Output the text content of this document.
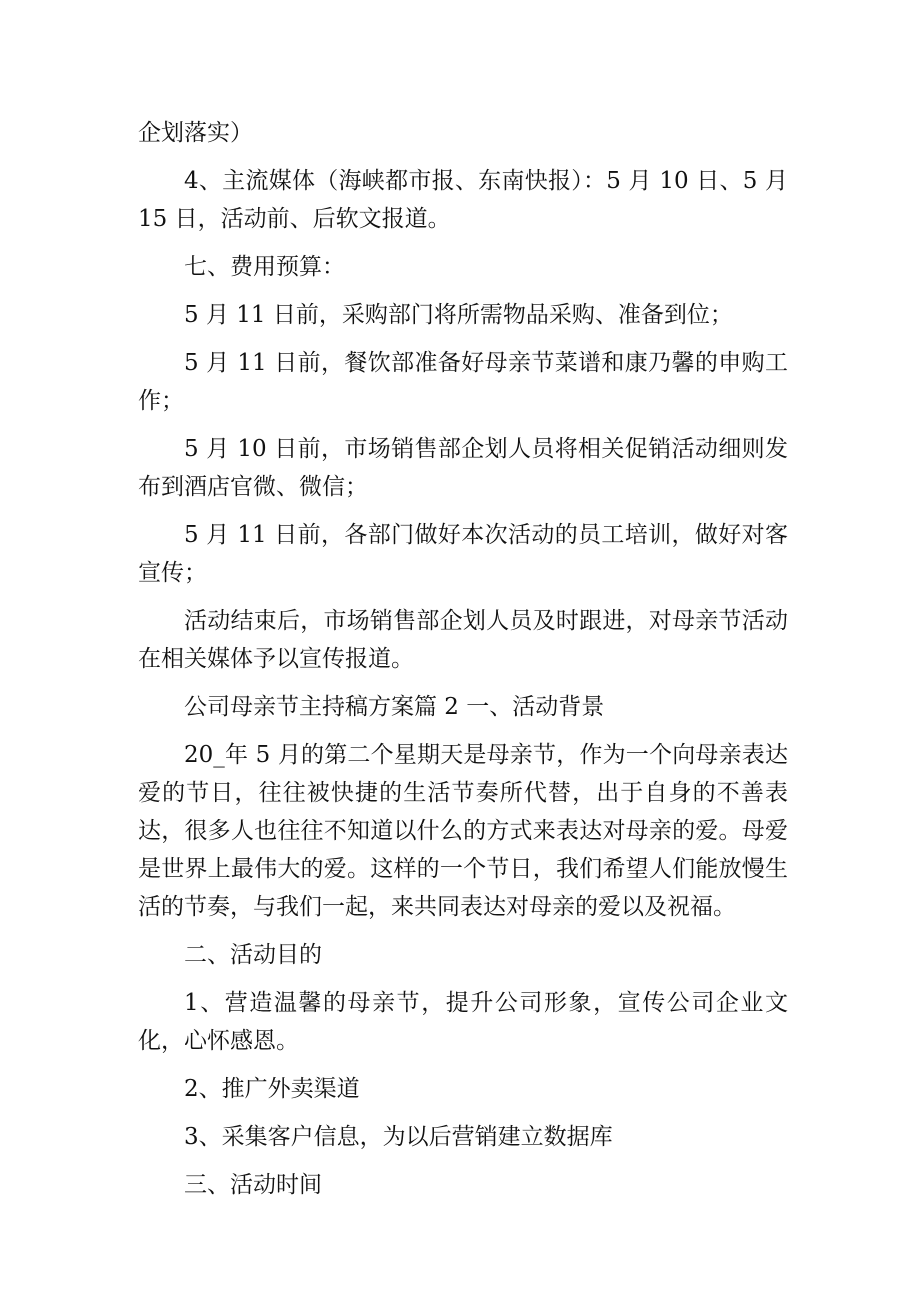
企划落实）

4、主流媒体（海峡都市报、东南快报）：5 月 10 日、5 月 15 日，活动前、后软文报道。

七、费用预算：

5 月 11 日前，采购部门将所需物品采购、准备到位；

5 月 11 日前，餐饮部准备好母亲节菜谱和康乃馨的申购工作；

5 月 10 日前，市场销售部企划人员将相关促销活动细则发布到酒店官微、微信；

5 月 11 日前，各部门做好本次活动的员工培训，做好对客宣传；

活动结束后，市场销售部企划人员及时跟进，对母亲节活动在相关媒体予以宣传报道。

公司母亲节主持稿方案篇 2 一、活动背景

20_年 5 月的第二个星期天是母亲节，作为一个向母亲表达爱的节日，往往被快捷的生活节奏所代替，出于自身的不善表达，很多人也往往不知道以什么的方式来表达对母亲的爱。母爱是世界上最伟大的爱。这样的一个节日，我们希望人们能放慢生活的节奏，与我们一起，来共同表达对母亲的爱以及祝福。

二、活动目的

1、营造温馨的母亲节，提升公司形象，宣传公司企业文化，心怀感恩。

2、推广外卖渠道

3、采集客户信息，为以后营销建立数据库

三、活动时间
